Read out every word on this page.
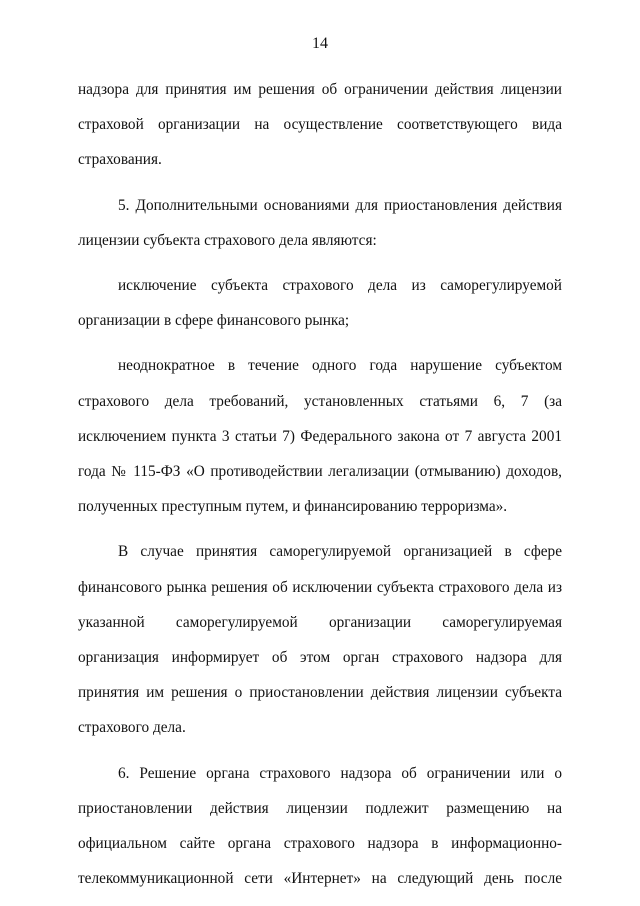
14

надзора для принятия им решения об ограничении действия лицензии страховой организации на осуществление соответствующего вида страхования.

5. Дополнительными основаниями для приостановления действия лицензии субъекта страхового дела являются:

исключение субъекта страхового дела из саморегулируемой организации в сфере финансового рынка;

неоднократное в течение одного года нарушение субъектом страхового дела требований, установленных статьями 6, 7 (за исключением пункта 3 статьи 7) Федерального закона от 7 августа 2001 года № 115-ФЗ «О противодействии легализации (отмыванию) доходов, полученных преступным путем, и финансированию терроризма».

В случае принятия саморегулируемой организацией в сфере финансового рынка решения об исключении субъекта страхового дела из указанной саморегулируемой организации саморегулируемая организация информирует об этом орган страхового надзора для принятия им решения о приостановлении действия лицензии субъекта страхового дела.

6. Решение органа страхового надзора об ограничении или о приостановлении действия лицензии подлежит размещению на официальном сайте органа страхового надзора в информационно-телекоммуникационной сети «Интернет» на следующий день после
